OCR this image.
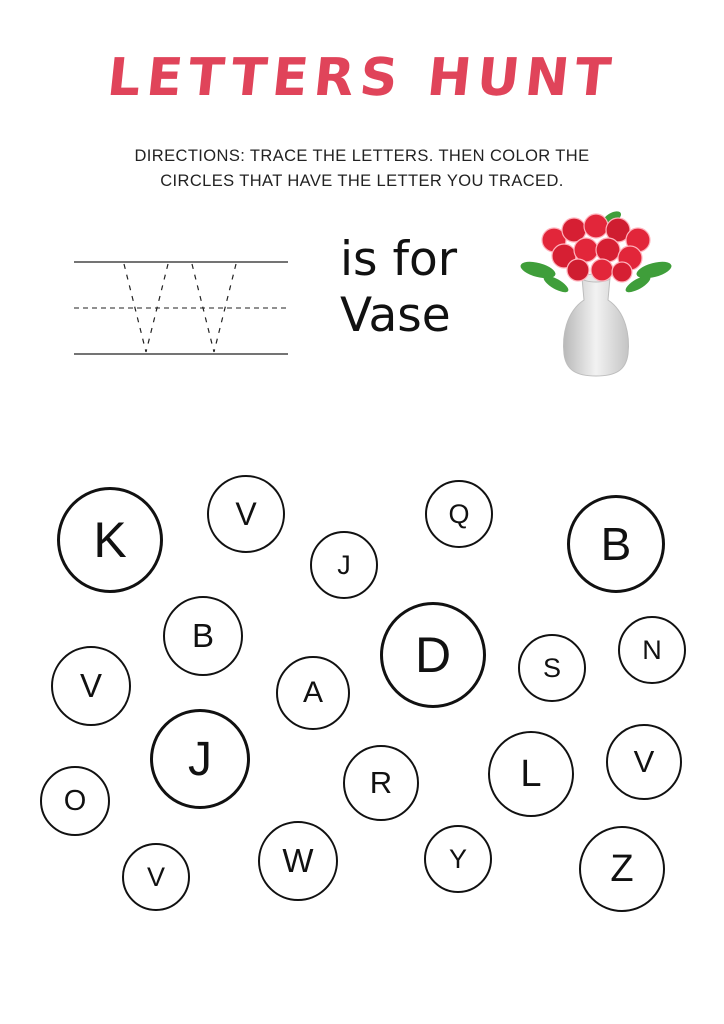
LETTERS HUNT
DIRECTIONS: TRACE THE LETTERS. THEN COLOR THE
CIRCLES THAT HAVE THE LETTER YOU TRACED.
is for
Vase
K	V
J
Q
B
B	D	S
N
V	A
J	R	L	V
O
V	W	Y	Z
